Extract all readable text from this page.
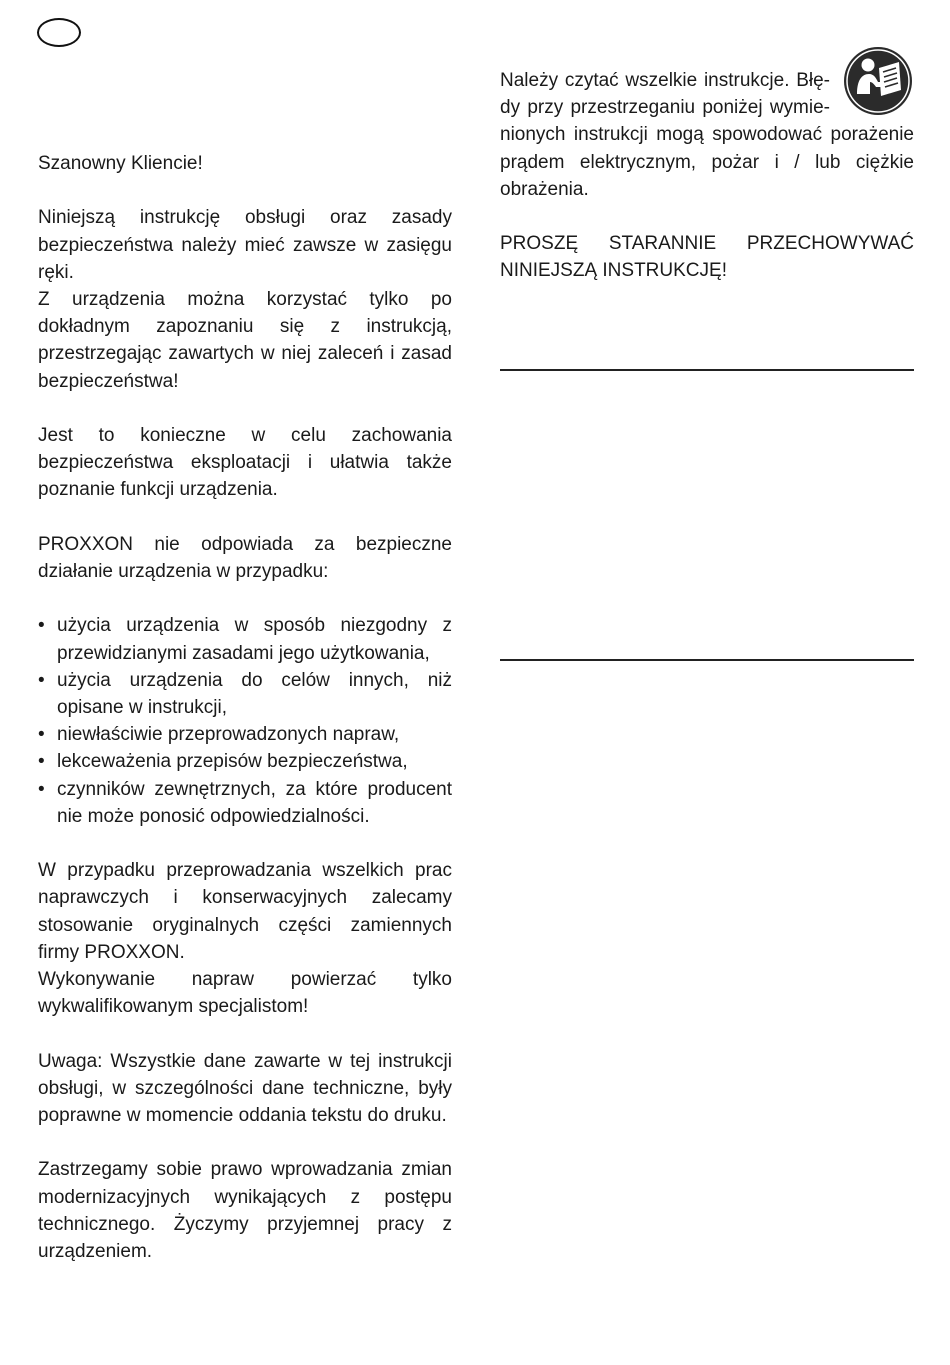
Szanowny Kliencie!

Niniejszą instrukcję obsługi oraz zasady bezpieczeństwa należy mieć zawsze w zasięgu ręki.

Z urządzenia można korzystać tylko po dokładnym zapoznaniu się z instrukcją, przestrzegając zawartych w niej zaleceń i zasad bezpieczeństwa!

Jest to konieczne w celu zachowania bezpieczeństwa eksploatacji i ułatwia także poznanie funkcji urządzenia.

PROXXON nie odpowiada za bezpieczne działanie urządzenia w przypadku:

• użycia urządzenia w sposób niezgodny z przewidzianymi zasadami jego użytkowania,
• użycia urządzenia do celów innych, niż opisane w instrukcji,
• niewłaściwie przeprowadzonych napraw,
• lekceważenia przepisów bezpieczeństwa,
• czynników zewnętrznych, za które producent nie może ponosić odpowiedzialności.

W przypadku przeprowadzania wszelkich prac naprawczych i konserwacyjnych zalecamy stosowanie oryginalnych części zamiennych firmy PROXXON.

Wykonywanie napraw powierzać tylko wykwalifikowanym specjalistom!

Uwaga: Wszystkie dane zawarte w tej instrukcji obsługi, w szczególności dane techniczne, były poprawne w momencie oddania tekstu do druku.

Zastrzegamy sobie prawo wprowadzania zmian modernizacyjnych wynikających z postępu technicznego. Życzymy przyjemnej pracy z urządzeniem.

Należy czytać wszelkie instrukcje. Błę-

dy przy przestrzeganiu poniżej wymie-

nionych instrukcji mogą spowodować porażenie prądem elektrycznym, pożar i / lub ciężkie obrażenia.

PROSZĘ STARANNIE PRZECHOWYWAĆ NINIEJSZĄ INSTRUKCJĘ!
